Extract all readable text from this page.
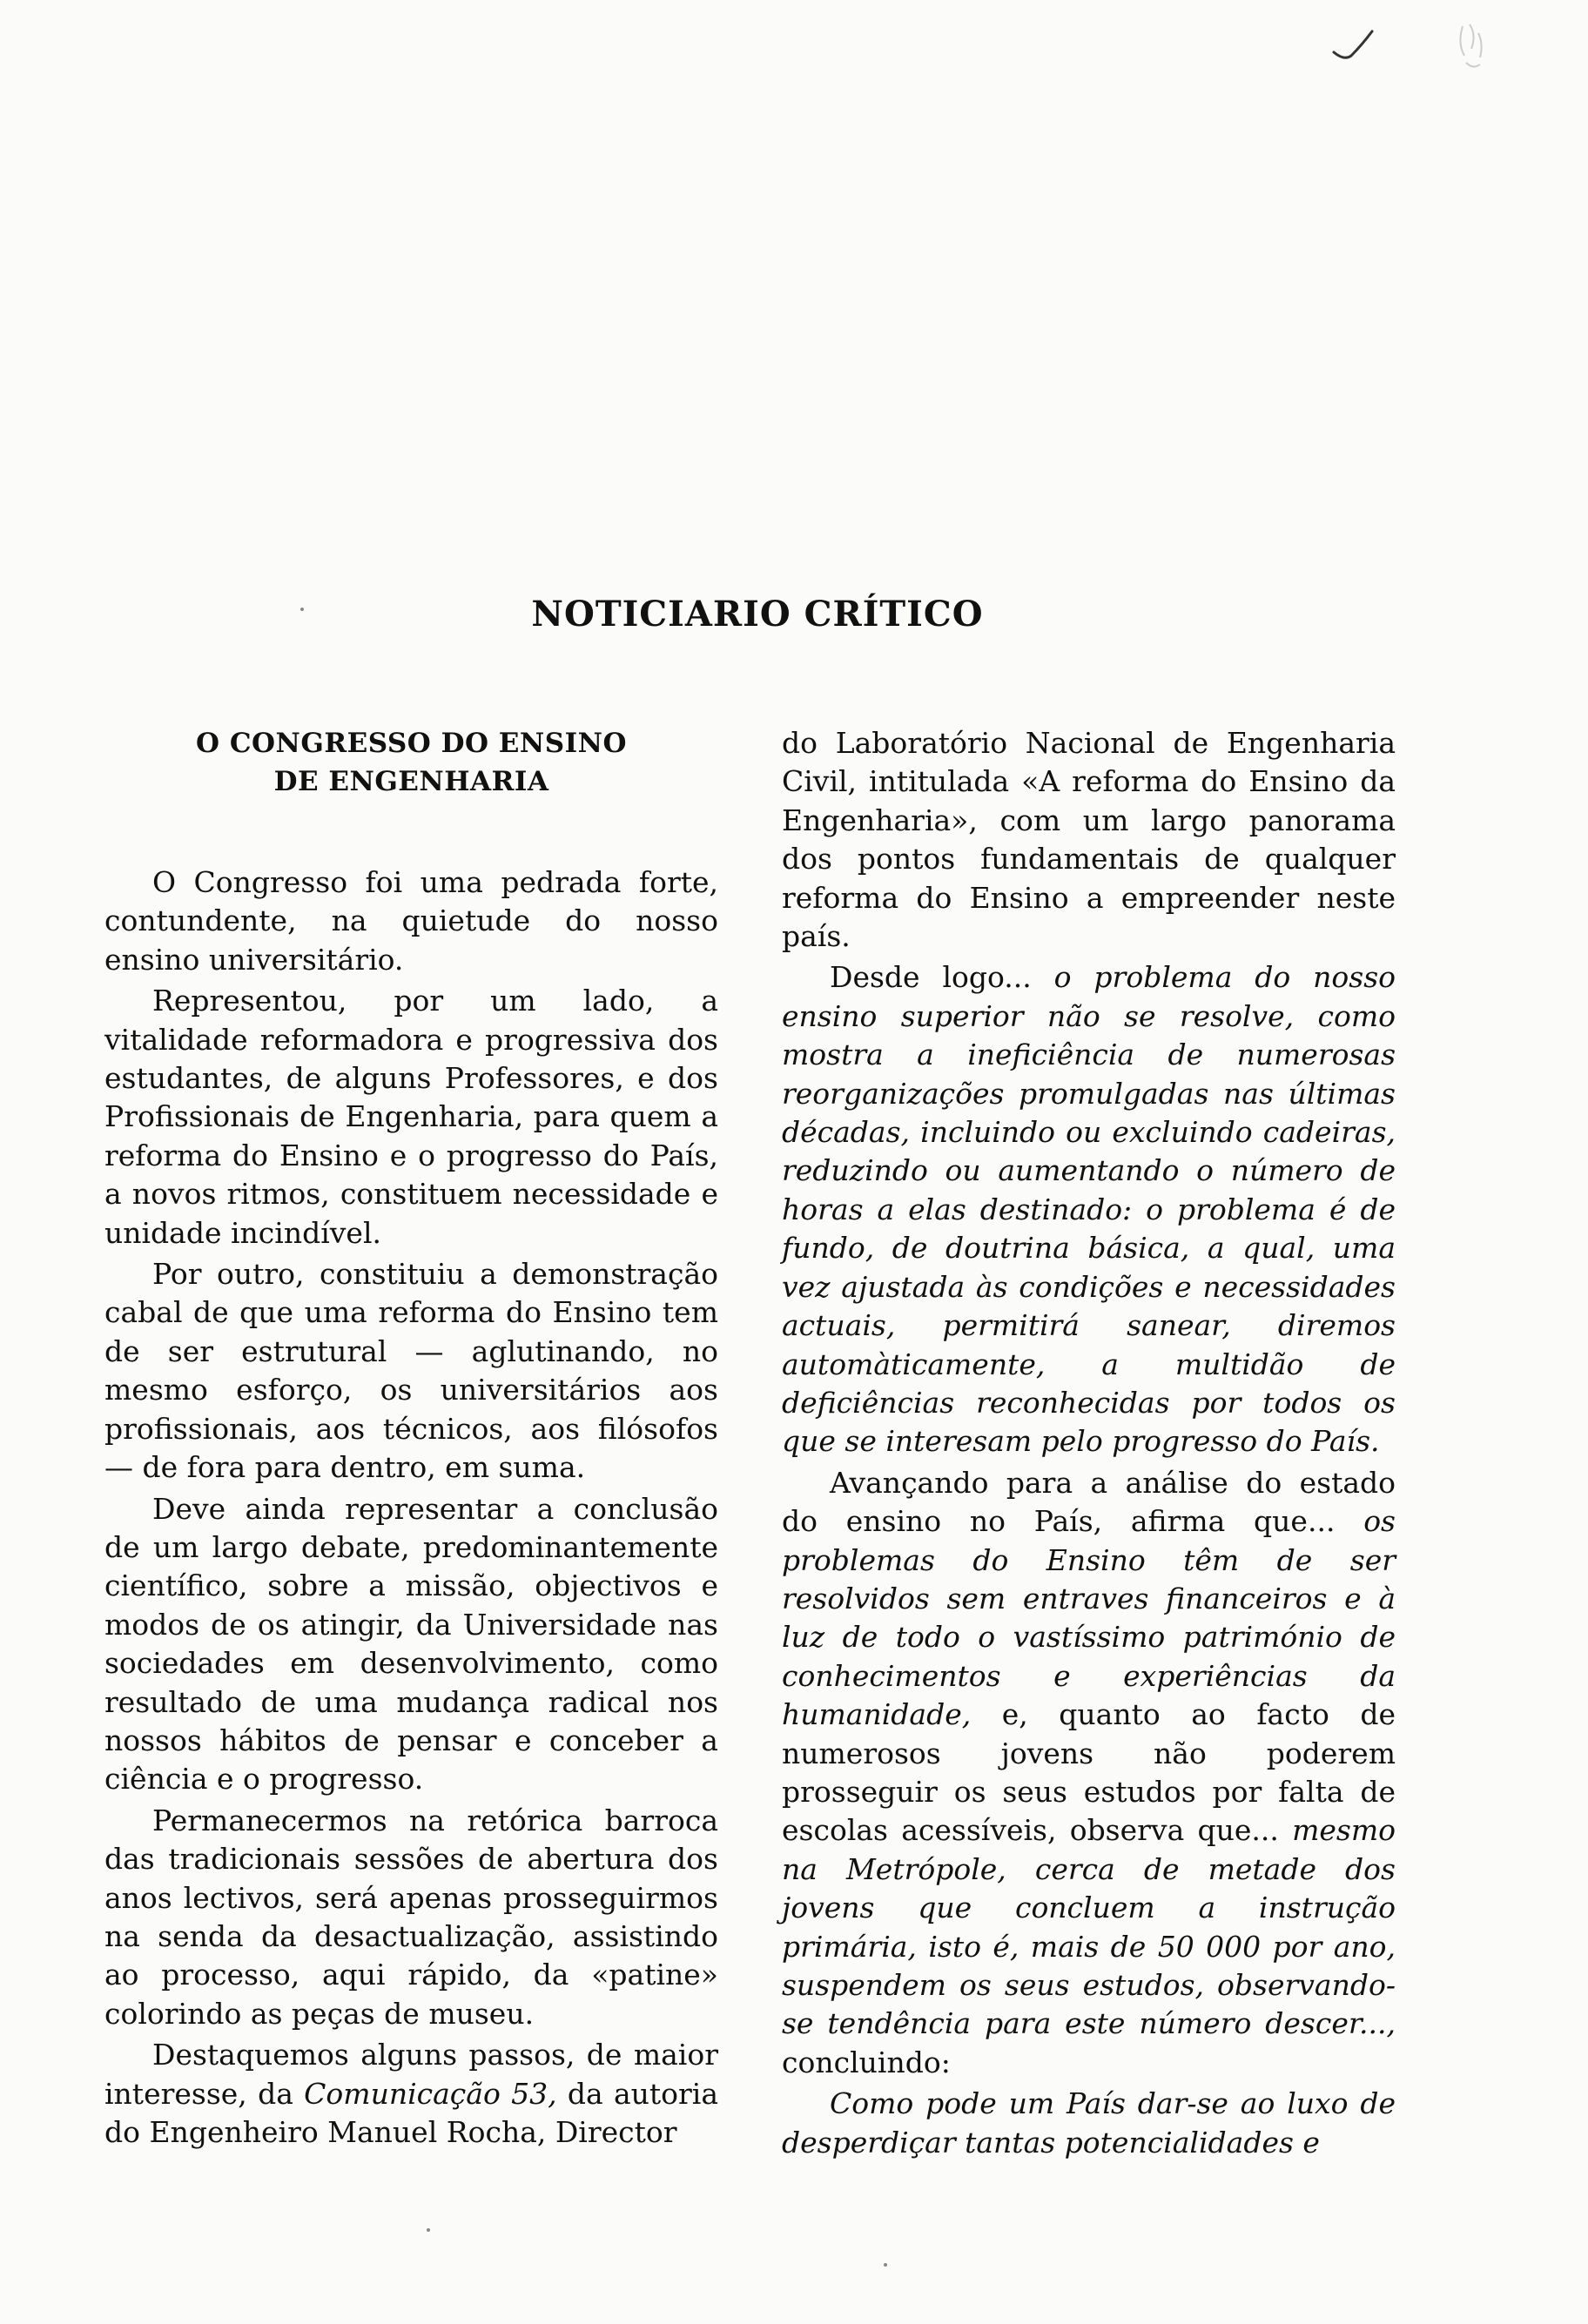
NOTICIARIO CRÍTICO
O CONGRESSO DO ENSINO
DE ENGENHARIA

O Congresso foi uma pedrada forte, contundente, na quietude do nosso ensino universitário.

Representou, por um lado, a vitalidade reformadora e progressiva dos estudantes, de alguns Professores, e dos Profissionais de Engenharia, para quem a reforma do Ensino e o progresso do País, a novos ritmos, constituem necessidade e unidade incindível.

Por outro, constituiu a demonstração cabal de que uma reforma do Ensino tem de ser estrutural — aglutinando, no mesmo esforço, os universitários aos profissionais, aos técnicos, aos filósofos — de fora para dentro, em suma.

Deve ainda representar a conclusão de um largo debate, predominantemente científico, sobre a missão, objectivos e modos de os atingir, da Universidade nas sociedades em desenvolvimento, como resultado de uma mudança radical nos nossos hábitos de pensar e conceber a ciência e o progresso.

Permanecermos na retórica barroca das tradicionais sessões de abertura dos anos lectivos, será apenas prosseguirmos na senda da desactualização, assistindo ao processo, aqui rápido, da «patine» colorindo as peças de museu.

Destaquemos alguns passos, de maior interesse, da Comunicação 53, da autoria do Engenheiro Manuel Rocha, Director

do Laboratório Nacional de Engenharia Civil, intitulada «A reforma do Ensino da Engenharia», com um largo panorama dos pontos fundamentais de qualquer reforma do Ensino a empreender neste país.

Desde logo... o problema do nosso ensino superior não se resolve, como mostra a ineficiência de numerosas reorganizações promulgadas nas últimas décadas, incluindo ou excluindo cadeiras, reduzindo ou aumentando o número de horas a elas destinado: o problema é de fundo, de doutrina básica, a qual, uma vez ajustada às condições e necessidades actuais, permitirá sanear, diremos automàticamente, a multidão de deficiências reconhecidas por todos os que se interesam pelo progresso do País.

Avançando para a análise do estado do ensino no País, afirma que... os problemas do Ensino têm de ser resolvidos sem entraves financeiros e à luz de todo o vastíssimo património de conhecimentos e experiências da humanidade, e, quanto ao facto de numerosos jovens não poderem prosseguir os seus estudos por falta de escolas acessíveis, observa que... mesmo na Metrópole, cerca de metade dos jovens que concluem a instrução primária, isto é, mais de 50 000 por ano, suspendem os seus estudos, observando-se tendência para este número descer..., concluindo:

Como pode um País dar-se ao luxo de desperdiçar tantas potencialidades e
